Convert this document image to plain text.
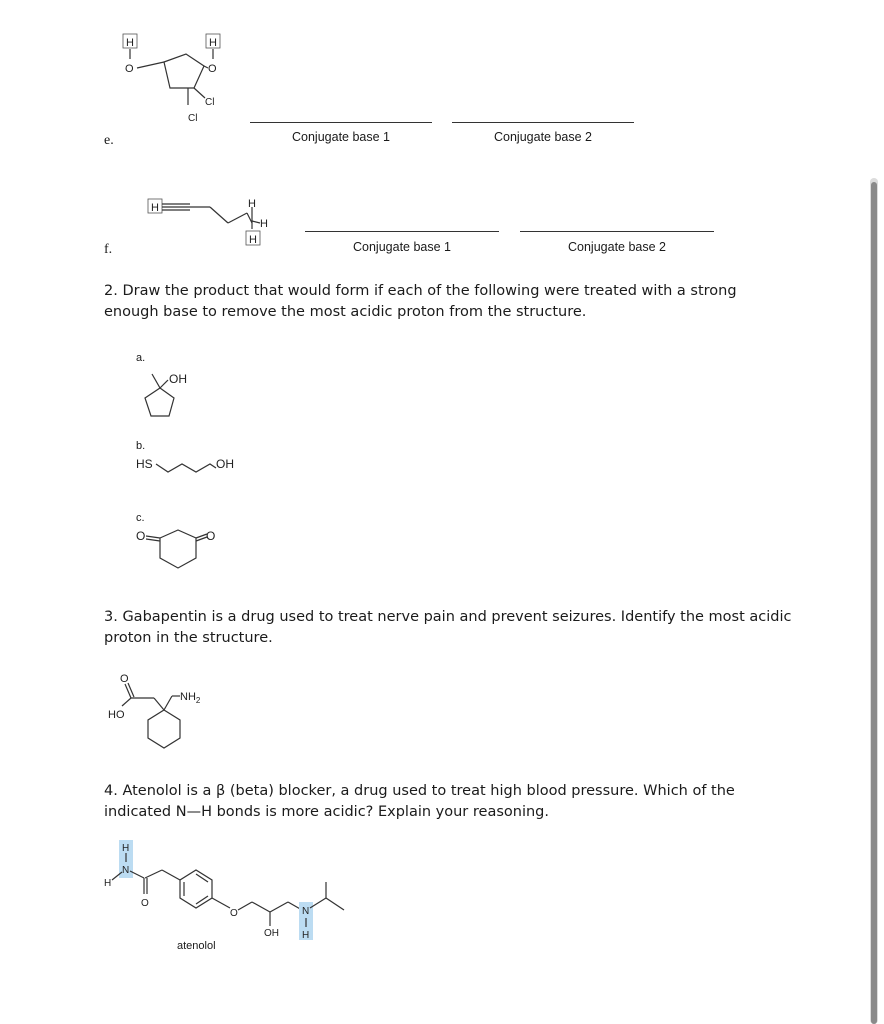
H	H
O	O
Cl
Cl
e.	Conjugate base 1	Conjugate base 2
H	H
H
H
f.	Conjugate base 1	Conjugate base 2
2. Draw the product that would form if each of the following were treated with a strong
enough base to remove the most acidic proton from the structure.
a.
OH
b.
HS	OH
c.
O	O
3. Gabapentin is a drug used to treat nerve pain and prevent seizures. Identify the most acidic
proton in the structure.
O
HO
$NH_2$
4. Atenolol is a β (beta) blocker, a drug used to treat high blood pressure. Which of the
indicated N—H bonds is more acidic? Explain your reasoning.
H
N
H
O
O
OH
N
H
atenolol
